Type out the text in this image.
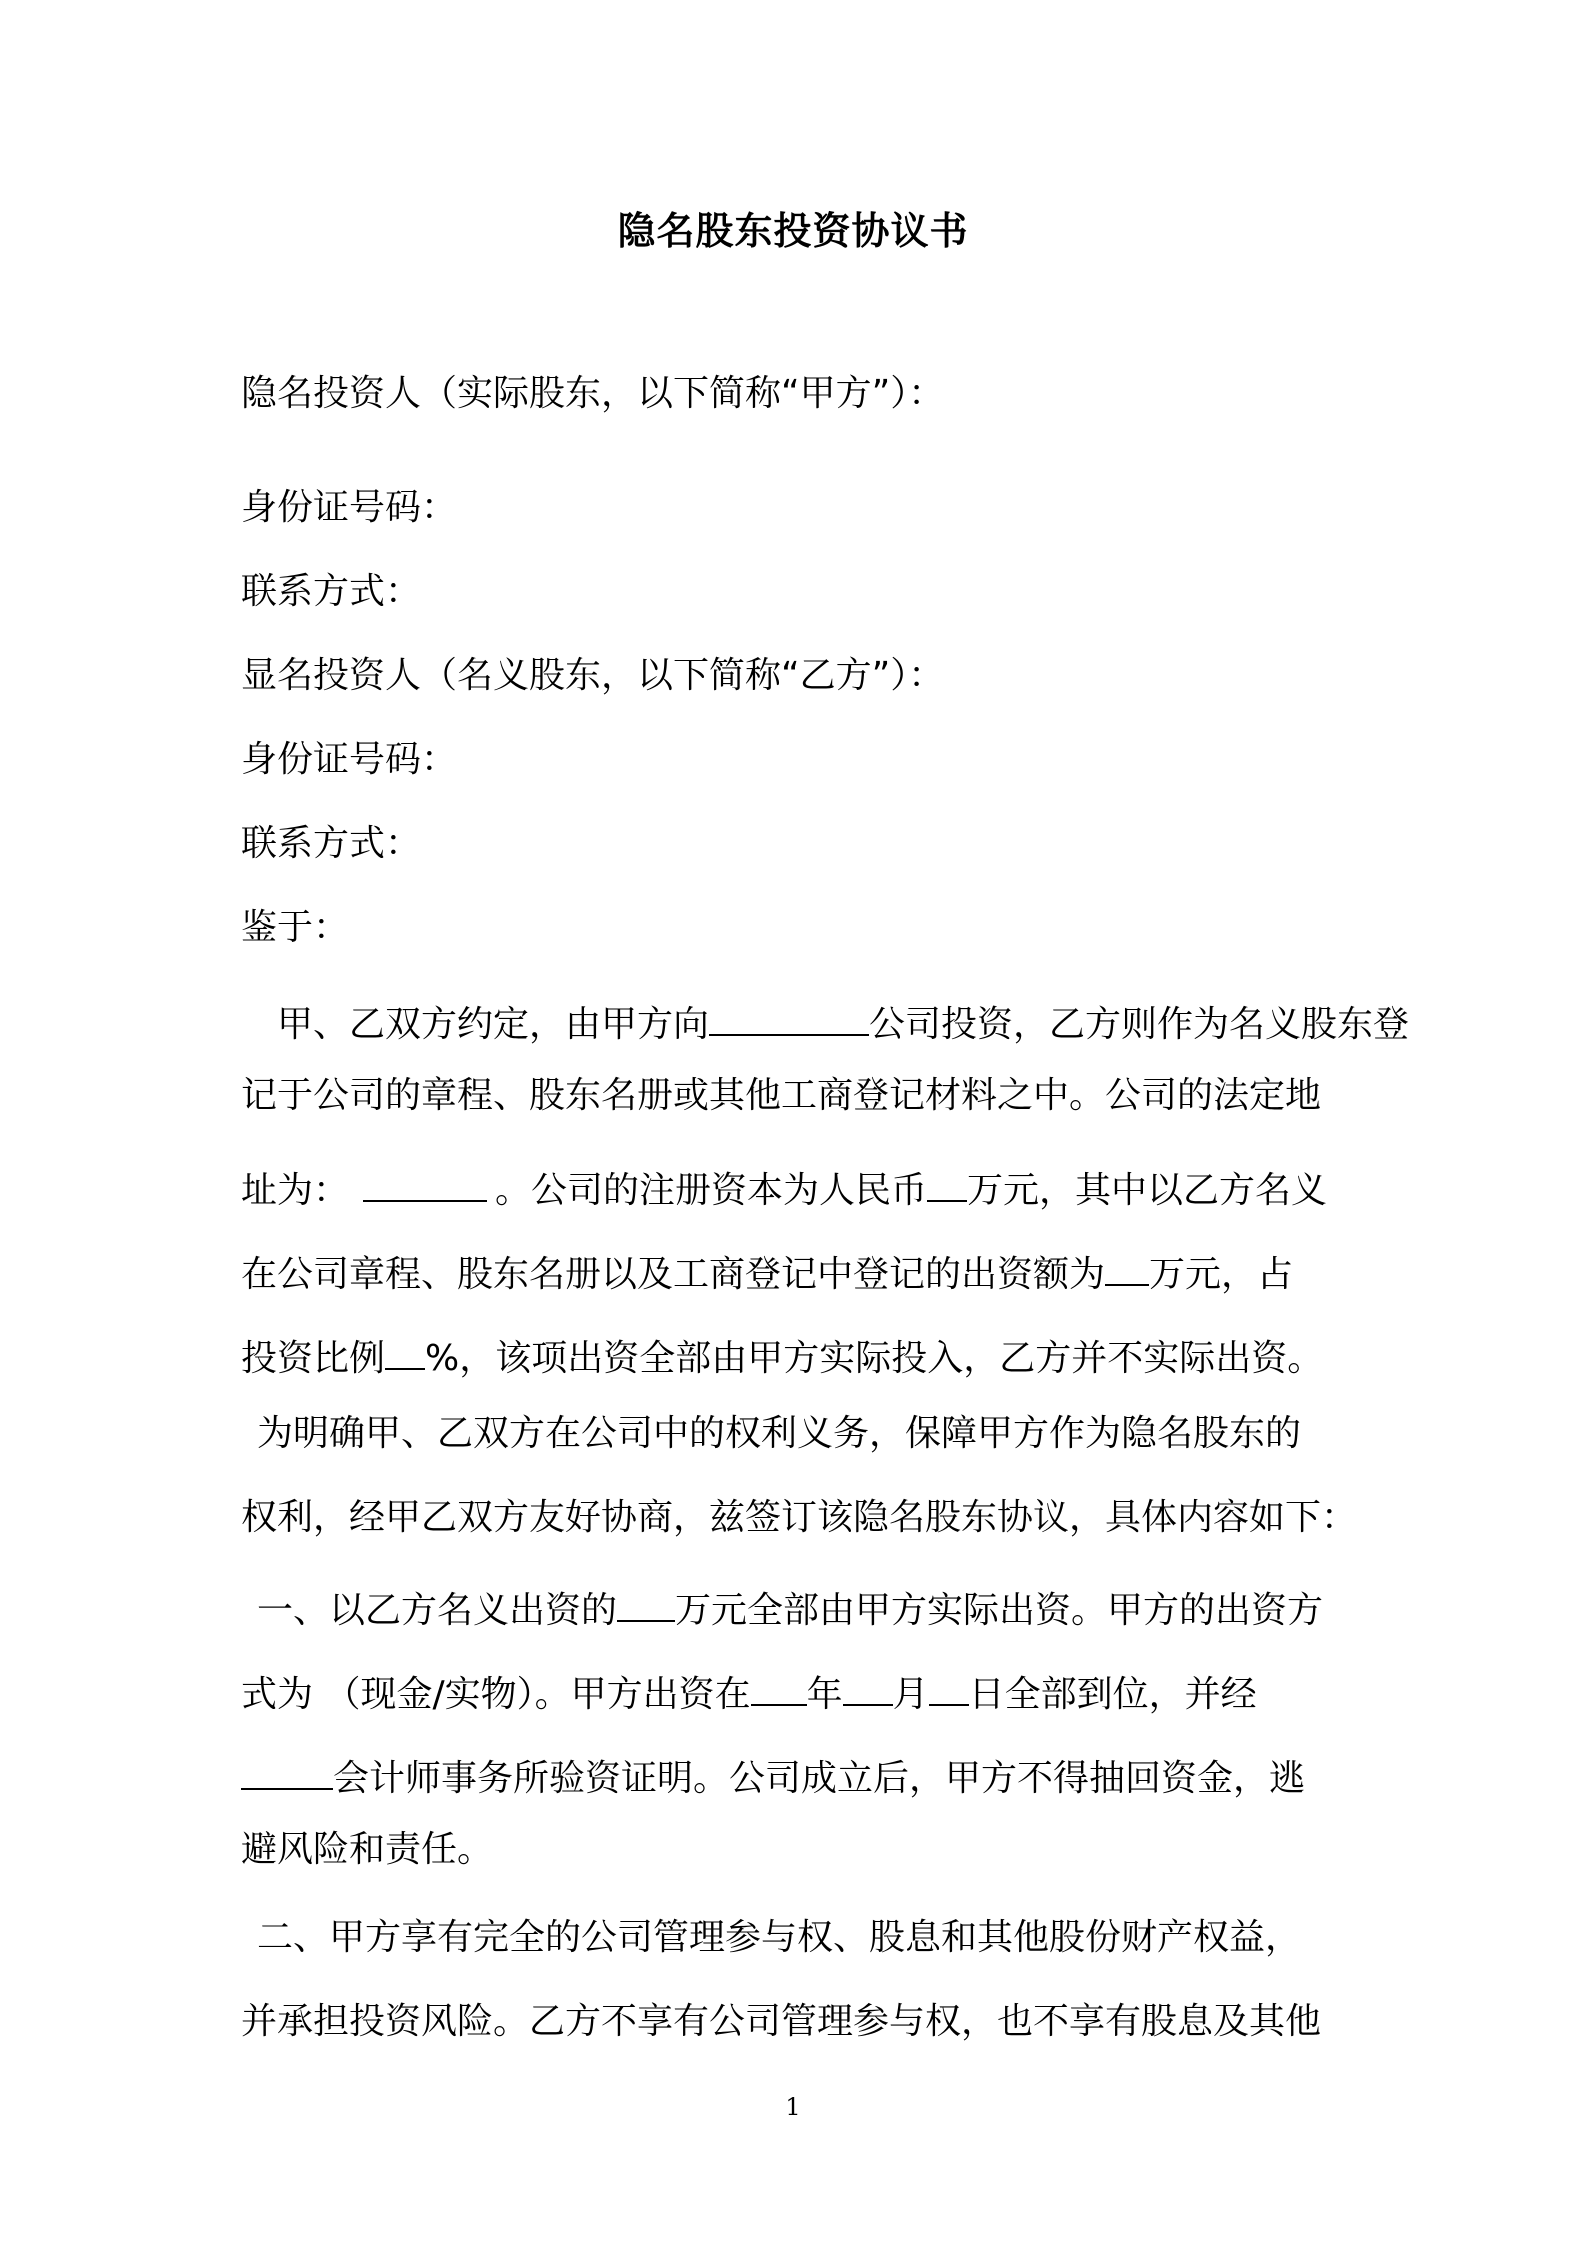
隐名股东投资协议书
隐名投资人（实际股东，以下简称“甲方”）：
身份证号码：
联系方式：
显名投资人（名义股东，以下简称“乙方”）：
身份证号码：
联系方式：
鉴于：
甲、乙双方约定，由甲方向	公司投资，乙方则作为名义股东登
记于公司的章程、股东名册或其他工商登记材料之中。公司的法定地
址为：	。公司的注册资本为人民币 万元，其中以乙方名义
在公司章程、股东名册以及工商登记中登记的出资额为 万元，占
投资比例 %，该项出资全部由甲方实际投入，乙方并不实际出资。
为明确甲、乙双方在公司中的权利义务，保障甲方作为隐名股东的
权利，经甲乙双方友好协商，兹签订该隐名股东协议，具体内容如下：
一、以乙方名义出资的 万元全部由甲方实际出资。甲方的出资方
式为 （现金/实物）。甲方出资在 年 月 日全部到位，并经
会计师事务所验资证明。公司成立后，甲方不得抽回资金，逃
避风险和责任。
二、甲方享有完全的公司管理参与权、股息和其他股份财产权益，
并承担投资风险。乙方不享有公司管理参与权，也不享有股息及其他
1
